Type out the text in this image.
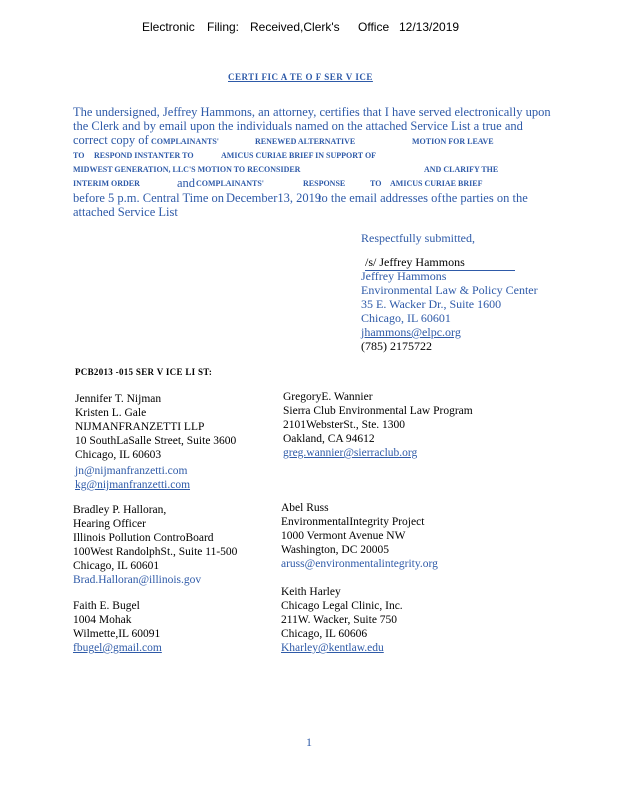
Electronic Filing: Received,Clerk's Office 12/13/2019
CERTI FIC A TE O F SER V ICE
The undersigned, Jeffrey Hammons, an attorney, certifies that I have served electronically upon
the Clerk and by email upon the individuals named on the attached Service List a true and
correct copy of COMPLAINANTS'	RENEWED ALTERNATIVE	MOTION FOR LEAVE
TO RESPOND INSTANTER TO	AMICUS CURIAE BRIEF IN SUPPORT OF
MIDWEST GENERATION, LLC'S MOTION TO RECONSIDER	AND CLARIFY THE
INTERIM ORDER	and COMPLAINANTS'	RESPONSE	TO AMICUS CURIAE BRIEF
before 5 p.m. Central Time on December13, 2019
to the email addresses of the parties on the
attached Service List
Respectfully submitted,
/s/ Jeffrey Hammons
Jeffrey Hammons
Environmental Law & Policy Center
35 E. Wacker Dr., Suite 1600
Chicago, IL 60601
jhammons@elpc.org
(785) 2175722
PCB2013 -015 SER V ICE LI ST:
Jennifer T. Nijman
Kristen L. Gale
NIJMANFRANZETTI LLP
10 SouthLaSalle Street, Suite 3600
Chicago, IL 60603
jn@nijmanfranzetti.com
kg@nijmanfranzetti.com
Bradley P. Halloran,
Hearing Officer
Illinois Pollution ControBoard
100West RandolphSt., Suite 11-500
Chicago, IL 60601
Brad.Halloran@illinois.gov
Faith E. Bugel
1004 Mohak
Wilmette,IL 60091
fbugel@gmail.com
GregoryE. Wannier
Sierra Club Environmental Law Program
2101WebsterSt., Ste. 1300
Oakland, CA 94612
greg.wannier@sierraclub.org
Abel Russ
EnvironmentalIntegrity Project
1000 Vermont Avenue NW
Washington, DC 20005
aruss@environmentalintegrity.org
Keith Harley
Chicago Legal Clinic, Inc.
211W. Wacker, Suite 750
Chicago, IL 60606
Kharley@kentlaw.edu
1
